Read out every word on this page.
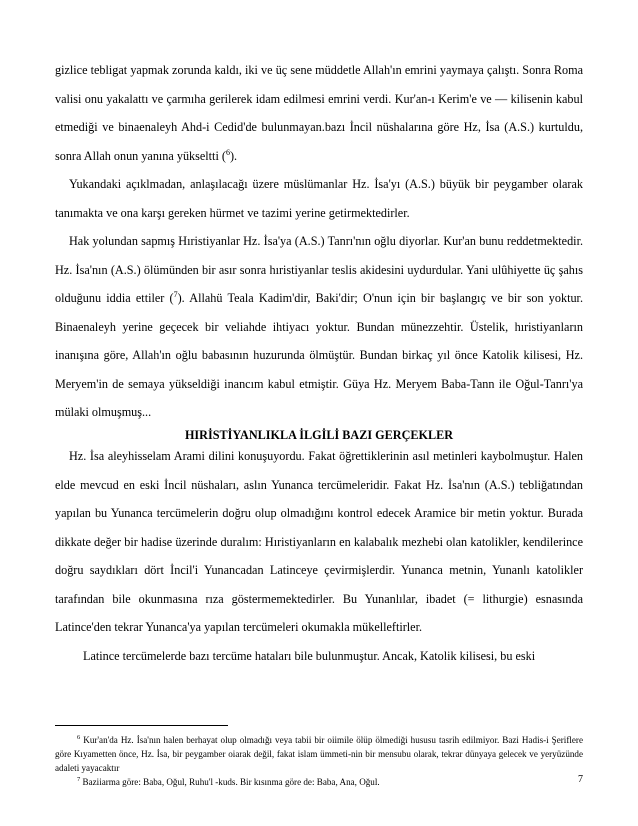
gizlice tebligat yapmak zorunda kaldı, iki ve üç sene müddetle Allah'ın emrini yaymaya çalıştı. Sonra Roma valisi onu yakalattı ve çarmıha gerilerek idam edilmesi emrini verdi. Kur'an-ı Kerim'e ve — kilisenin kabul etmediği ve binaenaleyh Ahd-i Cedid'de bulunmayan.bazı İncil nüshalarına göre Hz, İsa (A.S.) kurtuldu, sonra Allah onun yanına yükseltti ($^6$).

Yukandaki açıklmadan, anlaşılacağı üzere müslümanlar Hz. İsa'yı (A.S.) büyük bir peygamber olarak tanımakta ve ona karşı gereken hürmet ve tazimi yerine getirmektedirler.

Hak yolundan sapmış Hıristiyanlar Hz. İsa'ya (A.S.) Tanrı'nın oğlu diyorlar. Kur'an bunu reddetmektedir. Hz. İsa'nın (A.S.) ölümünden bir asır sonra hıristiyanlar teslis akidesini uydurdular. Yani ulûhiyette üç şahıs olduğunu iddia ettiler ($^7$). Allahü Teala Kadim'dir, Baki'dir; O'nun için bir başlangıç ve bir son yoktur. Binaenaleyh yerine geçecek bir veliahde ihtiyacı yoktur. Bundan münezzehtir. Üstelik, hıristiyanların inanışına göre, Allah'ın oğlu babasının huzurunda ölmüştür. Bundan birkaç yıl önce Katolik kilisesi, Hz. Meryem'in de semaya yükseldiği inancım kabul etmiştir. Güya Hz. Meryem Baba-Tann ile Oğul-Tanrı'ya mülaki olmuşmuş...

HIRİSTİYANLIKLA İLGİLİ BAZI GERÇEKLER

Hz. İsa aleyhisselam Arami dilini konuşuyordu. Fakat öğrettiklerinin asıl metinleri kaybolmuştur. Halen elde mevcud en eski İncil nüshaları, aslın Yunanca tercümeleridir. Fakat Hz. İsa'nın (A.S.) tebliğatından yapılan bu Yunanca tercümelerin doğru olup olmadığını kontrol edecek Aramice bir metin yoktur. Burada dikkate değer bir hadise üzerinde duralım: Hıristiyanların en kalabalık mezhebi olan katolikler, kendilerince doğru saydıkları dört İncil'i Yunancadan Latinceye çevirmişlerdir. Yunanca metnin, Yunanlı katolikler tarafından bile okunmasına rıza göstermemektedirler. Bu Yunanlılar, ibadet (= lithurgie) esnasında Latince'den tekrar Yunanca'ya yapılan tercümeleri okumakla mükelleftirler.

Latince tercümelerde bazı tercüme hataları bile bulunmuştur. Ancak, Katolik kilisesi, bu eski

$^6$ Kur'an'da Hz. İsa'nın halen berhayat olup olmadığı veya tabii bir oiimile ölüp ölmediği hususu tasrih edilmiyor. Bazi Hadis-i Şeriflere göre Kıyametten önce, Hz. İsa, bir peygamber oiarak değil, fakat islam ümmeti-nin bir mensubu olarak, tekrar dünyaya gelecek ve yeryüzünde adaleti yayacaktır

$^7$ Baziiarma göre: Baba, Oğul, Ruhu'l -kuds. Bir kısınma göre de: Baba, Ana, Oğul.	7
